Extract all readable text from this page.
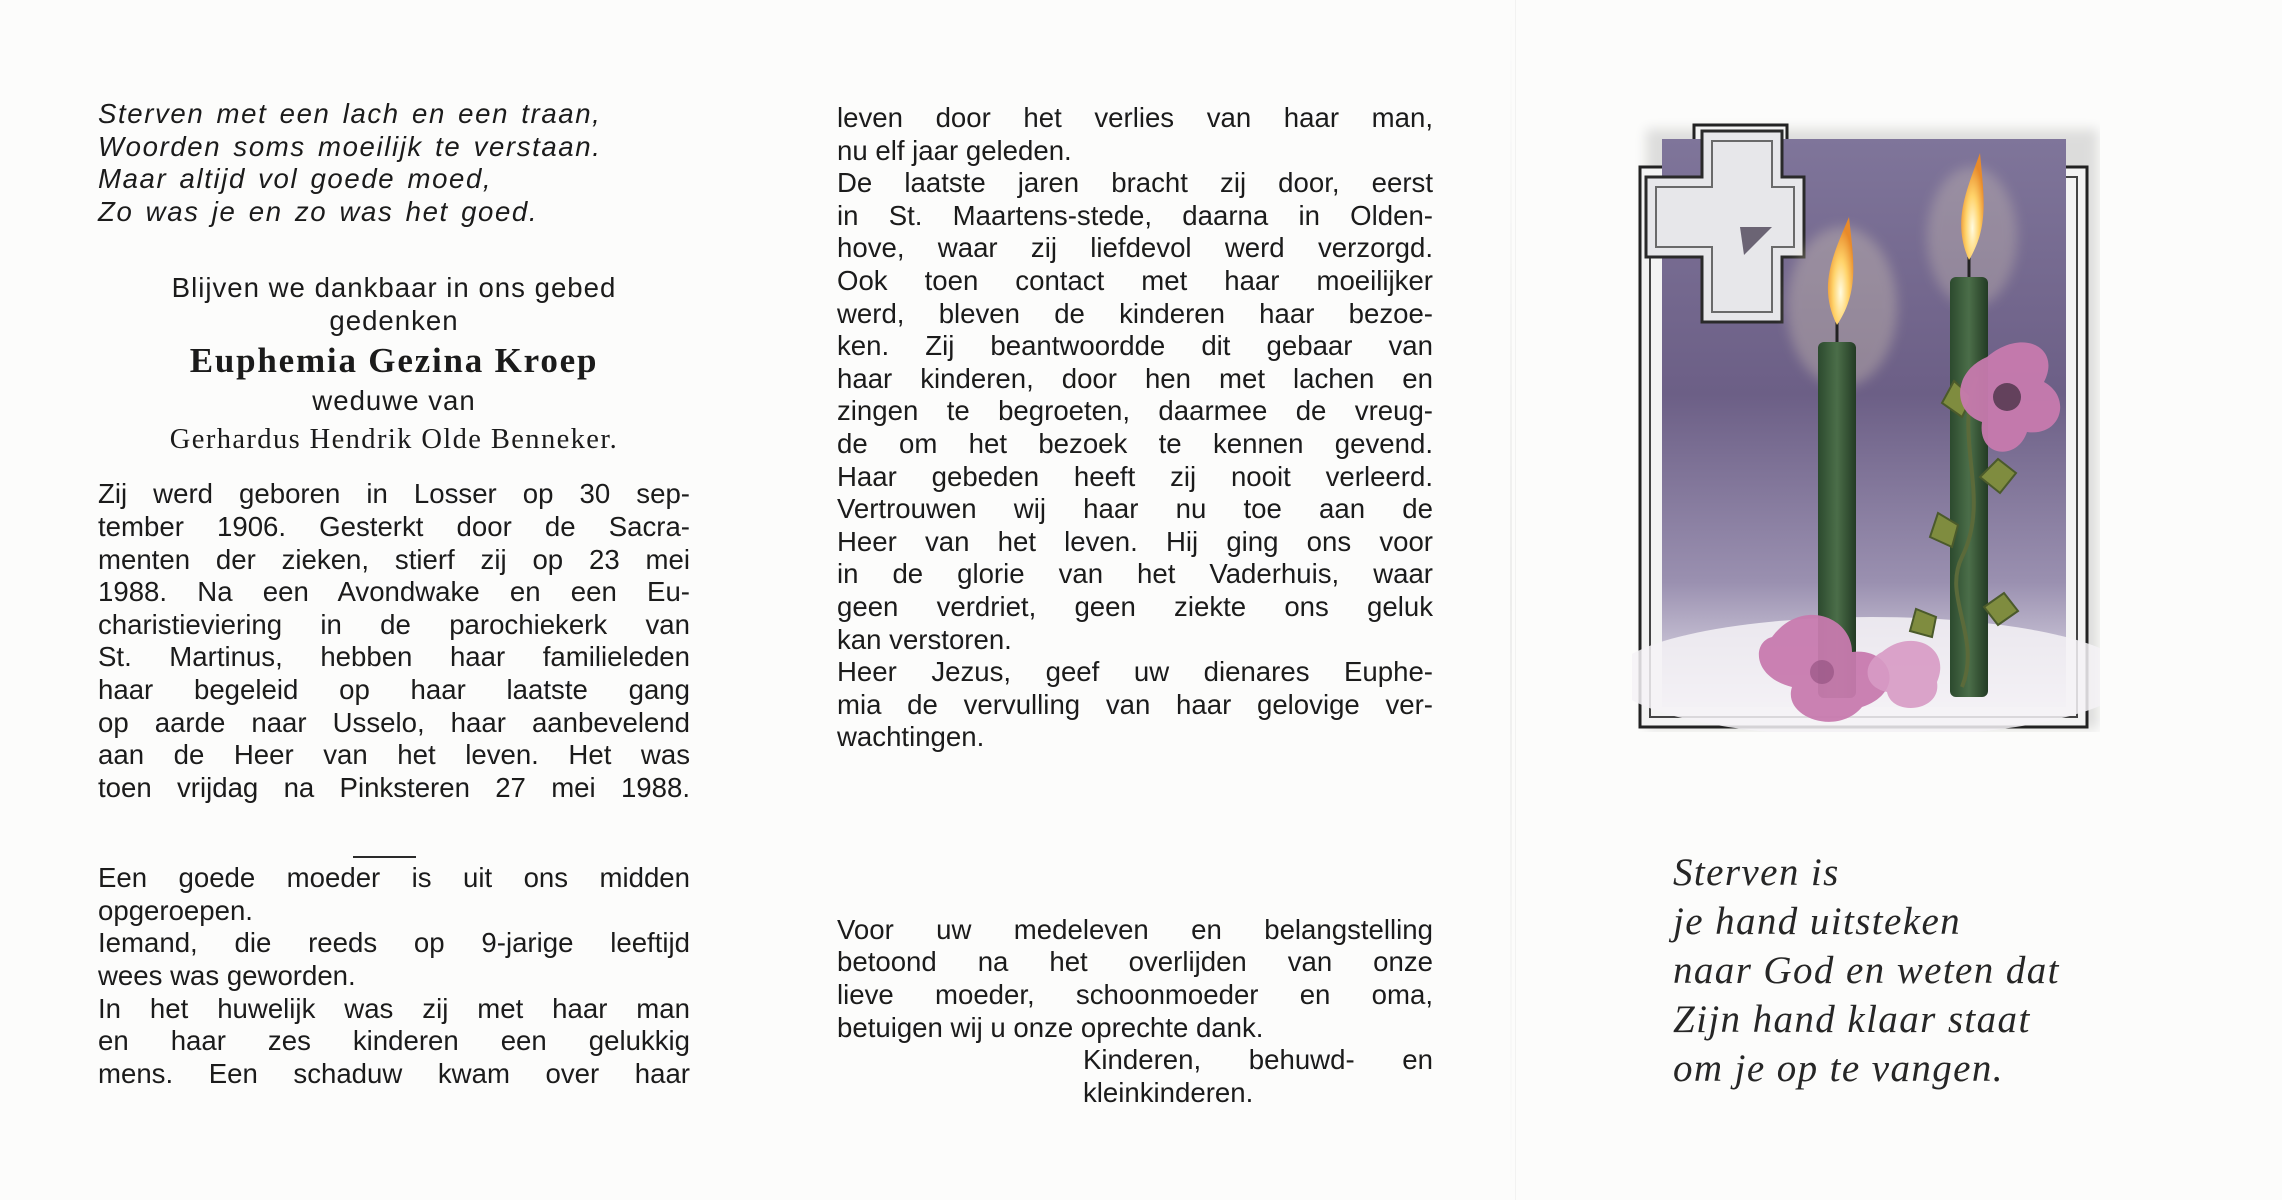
Sterven met een lach en een traan,
Woorden soms moeilijk te verstaan.
Maar altijd vol goede moed,
Zo was je en zo was het goed.
Blijven we dankbaar in ons gebed
gedenken
Euphemia Gezina Kroep
weduwe van
Gerhardus Hendrik Olde Benneker.
Zij werd geboren in Losser op 30 sep-
tember 1906. Gesterkt door de Sacra-
menten der zieken, stierf zij op 23 mei
1988. Na een Avondwake en een Eu-
charistieviering in de parochiekerk van
St. Martinus, hebben haar familieleden
haar begeleid op haar laatste gang
op aarde naar Usselo, haar aanbevelend
aan de Heer van het leven. Het was
toen vrijdag na Pinksteren 27 mei 1988.
Een goede moeder is uit ons midden
opgeroepen.
Iemand, die reeds op 9-jarige leeftijd
wees was geworden.
In het huwelijk was zij met haar man
en haar zes kinderen een gelukkig
mens. Een schaduw kwam over haar
leven door het verlies van haar man,
nu elf jaar geleden.
De laatste jaren bracht zij door, eerst
in St. Maartens-stede, daarna in Olden-
hove, waar zij liefdevol werd verzorgd.
Ook toen contact met haar moeilijker
werd, bleven de kinderen haar bezoe-
ken. Zij beantwoordde dit gebaar van
haar kinderen, door hen met lachen en
zingen te begroeten, daarmee de vreug-
de om het bezoek te kennen gevend.
Haar gebeden heeft zij nooit verleerd.
Vertrouwen wij haar nu toe aan de
Heer van het leven. Hij ging ons voor
in de glorie van het Vaderhuis, waar
geen verdriet, geen ziekte ons geluk
kan verstoren.
Heer Jezus, geef uw dienares Euphe-
mia de vervulling van haar gelovige ver-
wachtingen.
Voor uw medeleven en belangstelling
betoond na het overlijden van onze
lieve moeder, schoonmoeder en oma,
betuigen wij u onze oprechte dank.
Kinderen, behuwd- en
kleinkinderen.
Sterven is
je hand uitsteken
naar God en weten dat
Zijn hand klaar staat
om je op te vangen.
